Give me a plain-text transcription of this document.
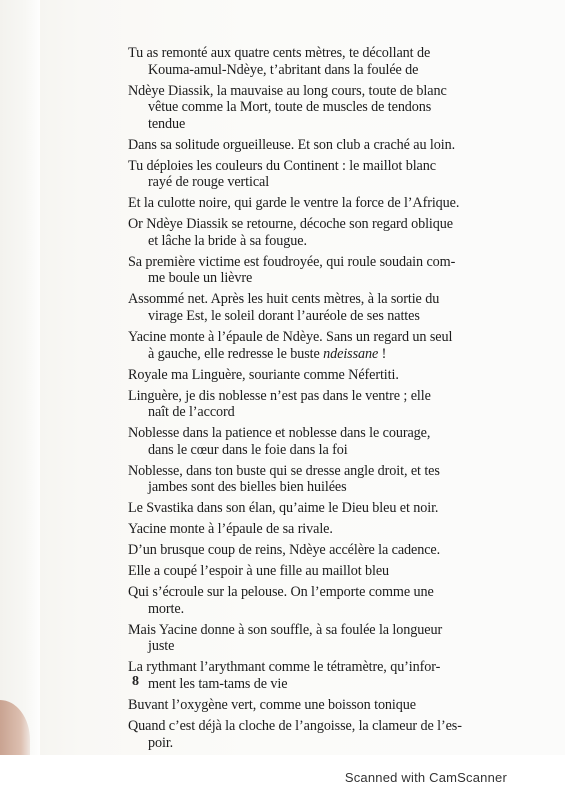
Tu as remonté aux quatre cents mètres, te décollant de
Kouma-amul-Ndèye, t’abritant dans la foulée de
Ndèye Diassik, la mauvaise au long cours, toute de blanc
vêtue comme la Mort, toute de muscles de tendons
tendue
Dans sa solitude orgueilleuse. Et son club a craché au loin.
Tu déploies les couleurs du Continent : le maillot blanc
rayé de rouge vertical
Et la culotte noire, qui garde le ventre la force de l’Afrique.
Or Ndèye Diassik se retourne, décoche son regard oblique
et lâche la bride à sa fougue.
Sa première victime est foudroyée, qui roule soudain com-
me boule un lièvre
Assommé net. Après les huit cents mètres, à la sortie du
virage Est, le soleil dorant l’auréole de ses nattes
Yacine monte à l’épaule de Ndèye. Sans un regard un seul
à gauche, elle redresse le buste ndeissane !
Royale ma Linguère, souriante comme Néfertiti.
Linguère, je dis noblesse n’est pas dans le ventre ; elle
naît de l’accord
Noblesse dans la patience et noblesse dans le courage,
dans le cœur dans le foie dans la foi
Noblesse, dans ton buste qui se dresse angle droit, et tes
jambes sont des bielles bien huilées
Le Svastika dans son élan, qu’aime le Dieu bleu et noir.
Yacine monte à l’épaule de sa rivale.
D’un brusque coup de reins, Ndèye accélère la cadence.
Elle a coupé l’espoir à une fille au maillot bleu
Qui s’écroule sur la pelouse. On l’emporte comme une
morte.
Mais Yacine donne à son souffle, à sa foulée la longueur
juste
La rythmant l’arythmant comme le tétramètre, qu’infor-
ment les tam-tams de vie
Buvant l’oxygène vert, comme une boisson tonique
Quand c’est déjà la cloche de l’angoisse, la clameur de l’es-
poir.
8
Scanned with CamScanner
